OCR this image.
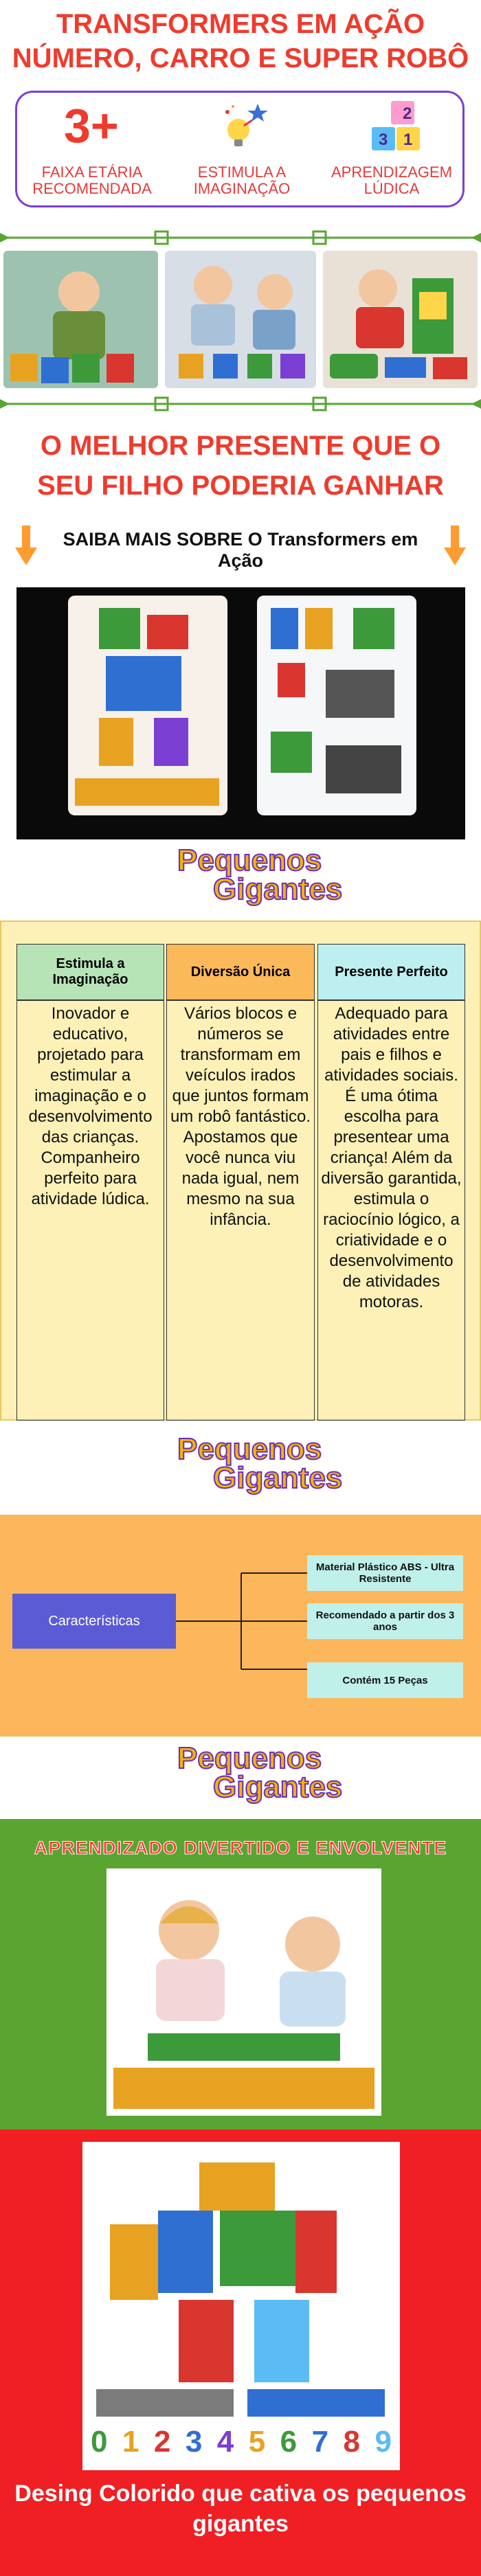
TRANSFORMERS EM AÇÃO
NÚMERO, CARRO E SUPER ROBÔ
3+
FAIXA ETÁRIA
RECOMENDADA
ESTIMULA A
IMAGINAÇÃO
2
3 1
APRENDIZAGEM
LÚDICA
O MELHOR PRESENTE QUE O
SEU FILHO PODERIA GANHAR
SAIBA MAIS SOBRE O Transformers em Ação
Pequenos
Gigantes
Estimula a Imaginação
Diversão Única	Presente Perfeito
Inovador e educativo, projetado para estimular a imaginação e o desenvolvimento das crianças. Companheiro perfeito para atividade lúdica.
Vários blocos e números se transformam em veículos irados que juntos formam um robô fantástico. Apostamos que você nunca viu nada igual, nem mesmo na sua infância.
Adequado para atividades entre pais e filhos e atividades sociais. É uma ótima escolha para presentear uma criança! Além da diversão garantida, estimula o raciocínio lógico, a criatividade e o desenvolvimento de atividades motoras.
Pequenos
Gigantes
Características
Material Plástico ABS - Ultra Resistente
Recomendado a partir dos 3 anos
Contém 15 Peças
Pequenos
Gigantes
APRENDIZADO DIVERTIDO E ENVOLVENTE
0 1 2 3 4 5 6 7 8 9
Desing Colorido que cativa os pequenos gigantes
